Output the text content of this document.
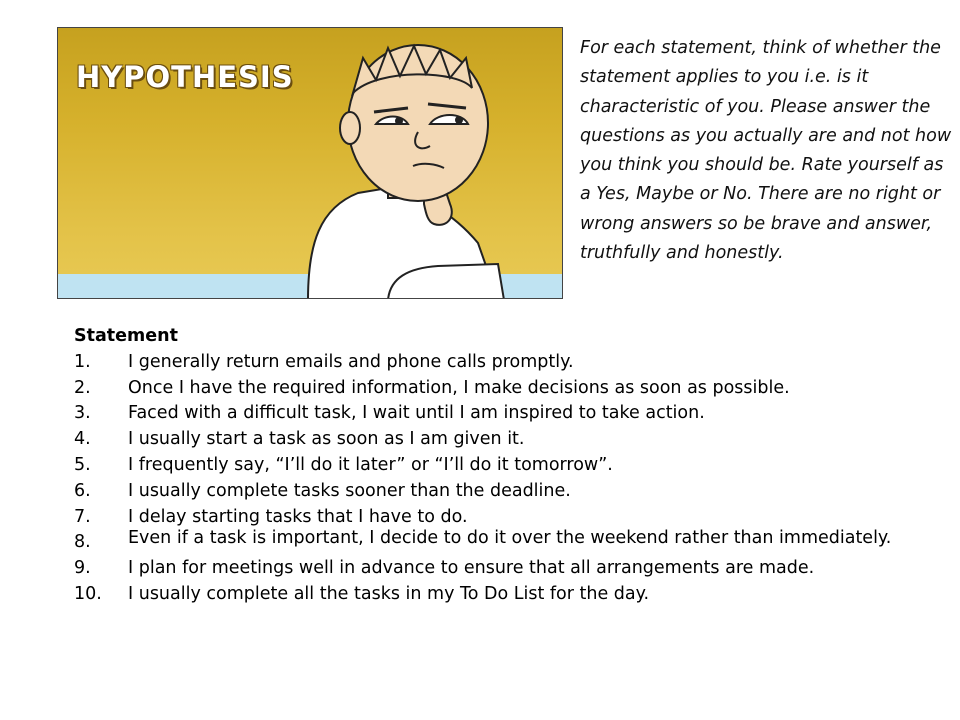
HYPOTHESIS

For each statement, think of whether the statement applies to you i.e. is it characteristic of you. Please answer the questions as you actually are and not how you think you should be. Rate yourself as a Yes, Maybe or No. There are no right or wrong answers so be brave and answer, truthfully and honestly.

Statement

1.	I generally return emails and phone calls promptly.
2.	Once I have the required information, I make decisions as soon as possible.
3.	Faced with a difficult task, I wait until I am inspired to take action.
4.	I usually start a task as soon as I am given it.
5.	I frequently say, “I’ll do it later” or “I’ll do it tomorrow”.
6.	I usually complete tasks sooner than the deadline.
7.	I delay starting tasks that I have to do.
8.	Even if a task is important, I decide to do it over the weekend rather than immediately.
9.	I plan for meetings well in advance to ensure that all arrangements are made.
10.	I usually complete all the tasks in my To Do List for the day.
